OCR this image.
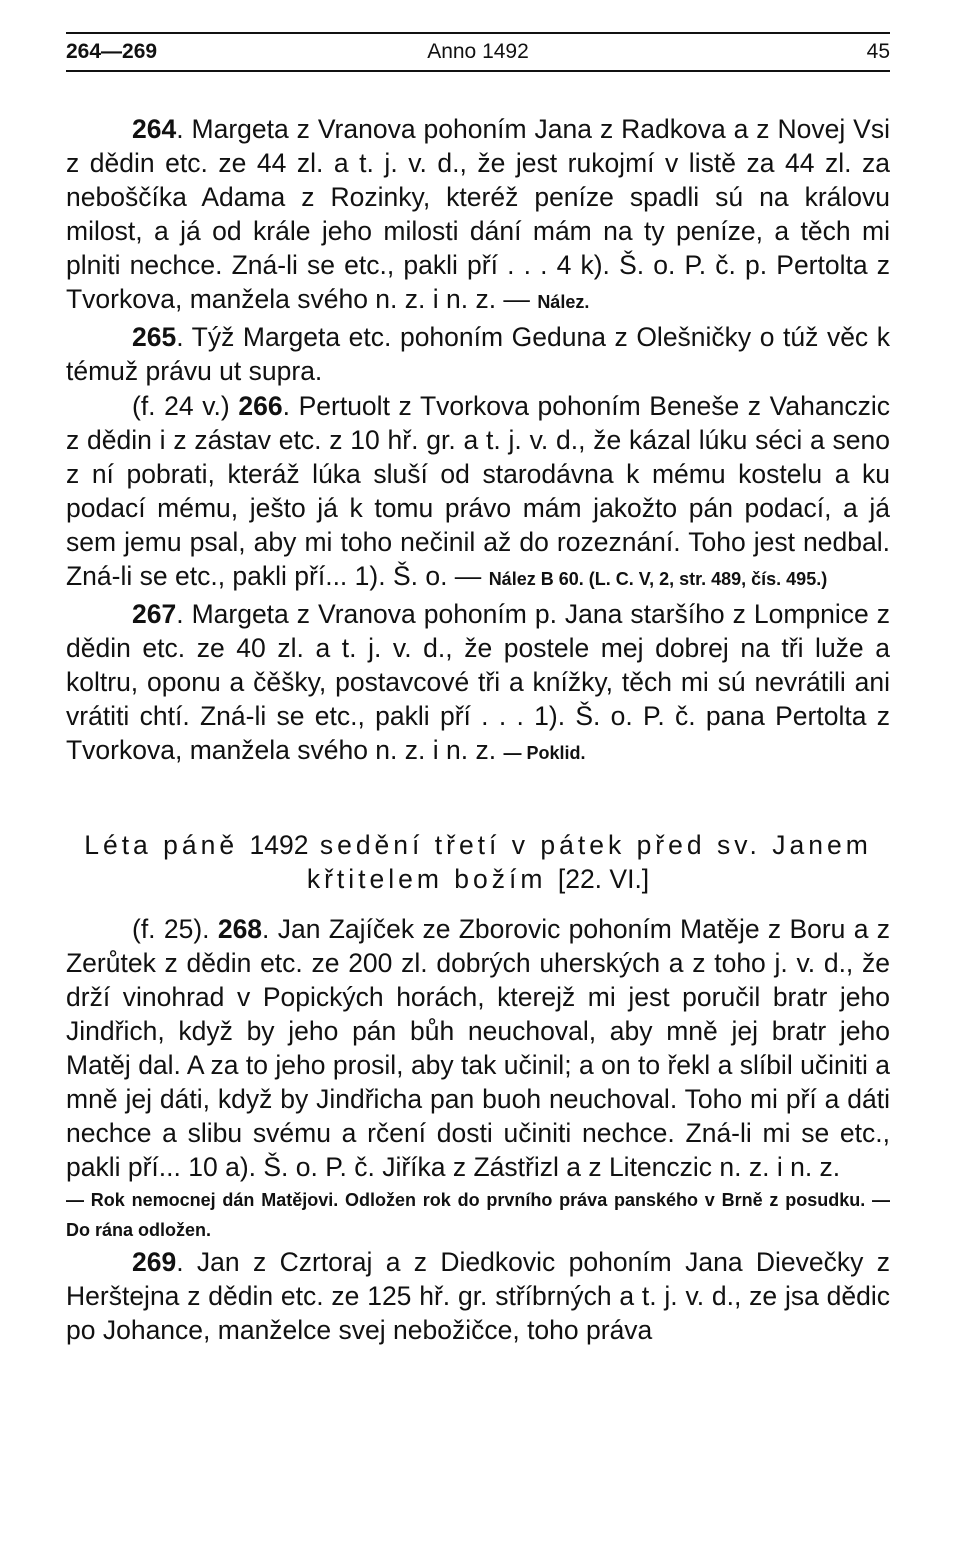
264—269	Anno 1492	45

264. Margeta z Vranova pohoním Jana z Radkova a z Novej Vsi z dědin etc. ze 44 zl. a t. j. v. d., že jest rukojmí v listě za 44 zl. za neboščíka Adama z Rozinky, kteréž peníze spadli sú na královu milost, a já od krále jeho milosti dání mám na ty peníze, a těch mi plniti nechce. Zná-li se etc., pakli pří . . . 4 k). Š. o. P. č. p. Pertolta z Tvorkova, manžela svého n. z. i n. z. — Nález.

265. Týž Margeta etc. pohoním Geduna z Olešničky o túž věc k témuž právu ut supra.

(f. 24 v.) 266. Pertuolt z Tvorkova pohoním Beneše z Vahanczic z dědin i z zástav etc. z 10 hř. gr. a t. j. v. d., že kázal lúku séci a seno z ní pobrati, kteráž lúka sluší od starodávna k mému kostelu a ku podací mému, ješto já k tomu právo mám jakožto pán podací, a já sem jemu psal, aby mi toho nečinil až do rozeznání. Toho jest nedbal. Zná-li se etc., pakli pří... 1). Š. o. — Nález B 60. (L. C. V, 2, str. 489, čís. 495.)

267. Margeta z Vranova pohoním p. Jana staršího z Lompnice z dědin etc. ze 40 zl. a t. j. v. d., že postele mej dobrej na tři luže a koltru, oponu a čěšky, postavcové tři a knížky, těch mi sú nevrátili ani vrátiti chtí. Zná-li se etc., pakli pří . . . 1). Š. o. P. č. pana Pertolta z Tvorkova, manžela svého n. z. i n. z. — Poklid.

Léta páně 1492 sedění třetí v pátek před sv. Janem
křtitelem božím [22. VI.]

(f. 25). 268. Jan Zajíček ze Zborovic pohoním Matěje z Boru a z Zerůtek z dědin etc. ze 200 zl. dobrých uherských a z toho j. v. d., že drží vinohrad v Popických horách, kterejž mi jest poručil bratr jeho Jindřich, když by jeho pán bůh neuchoval, aby mně jej bratr jeho Matěj dal. A za to jeho prosil, aby tak učinil; a on to řekl a slíbil učiniti a mně jej dáti, když by Jindřicha pan buoh neuchoval. Toho mi pří a dáti nechce a slibu svému a rčení dosti učiniti nechce. Zná-li mi se etc., pakli pří... 10 a). Š. o. P. č. Jiříka z Zástřizl a z Litenczic n. z. i n. z.

— Rok nemocnej dán Matějovi. Odložen rok do prvního práva panského v Brně z posudku. — Do rána odložen.

269. Jan z Czrtoraj a z Diedkovic pohoním Jana Dievečky z Herštejna z dědin etc. ze 125 hř. gr. stříbrných a t. j. v. d., ze jsa dědic po Johance, manželce svej nebožičce, toho práva
